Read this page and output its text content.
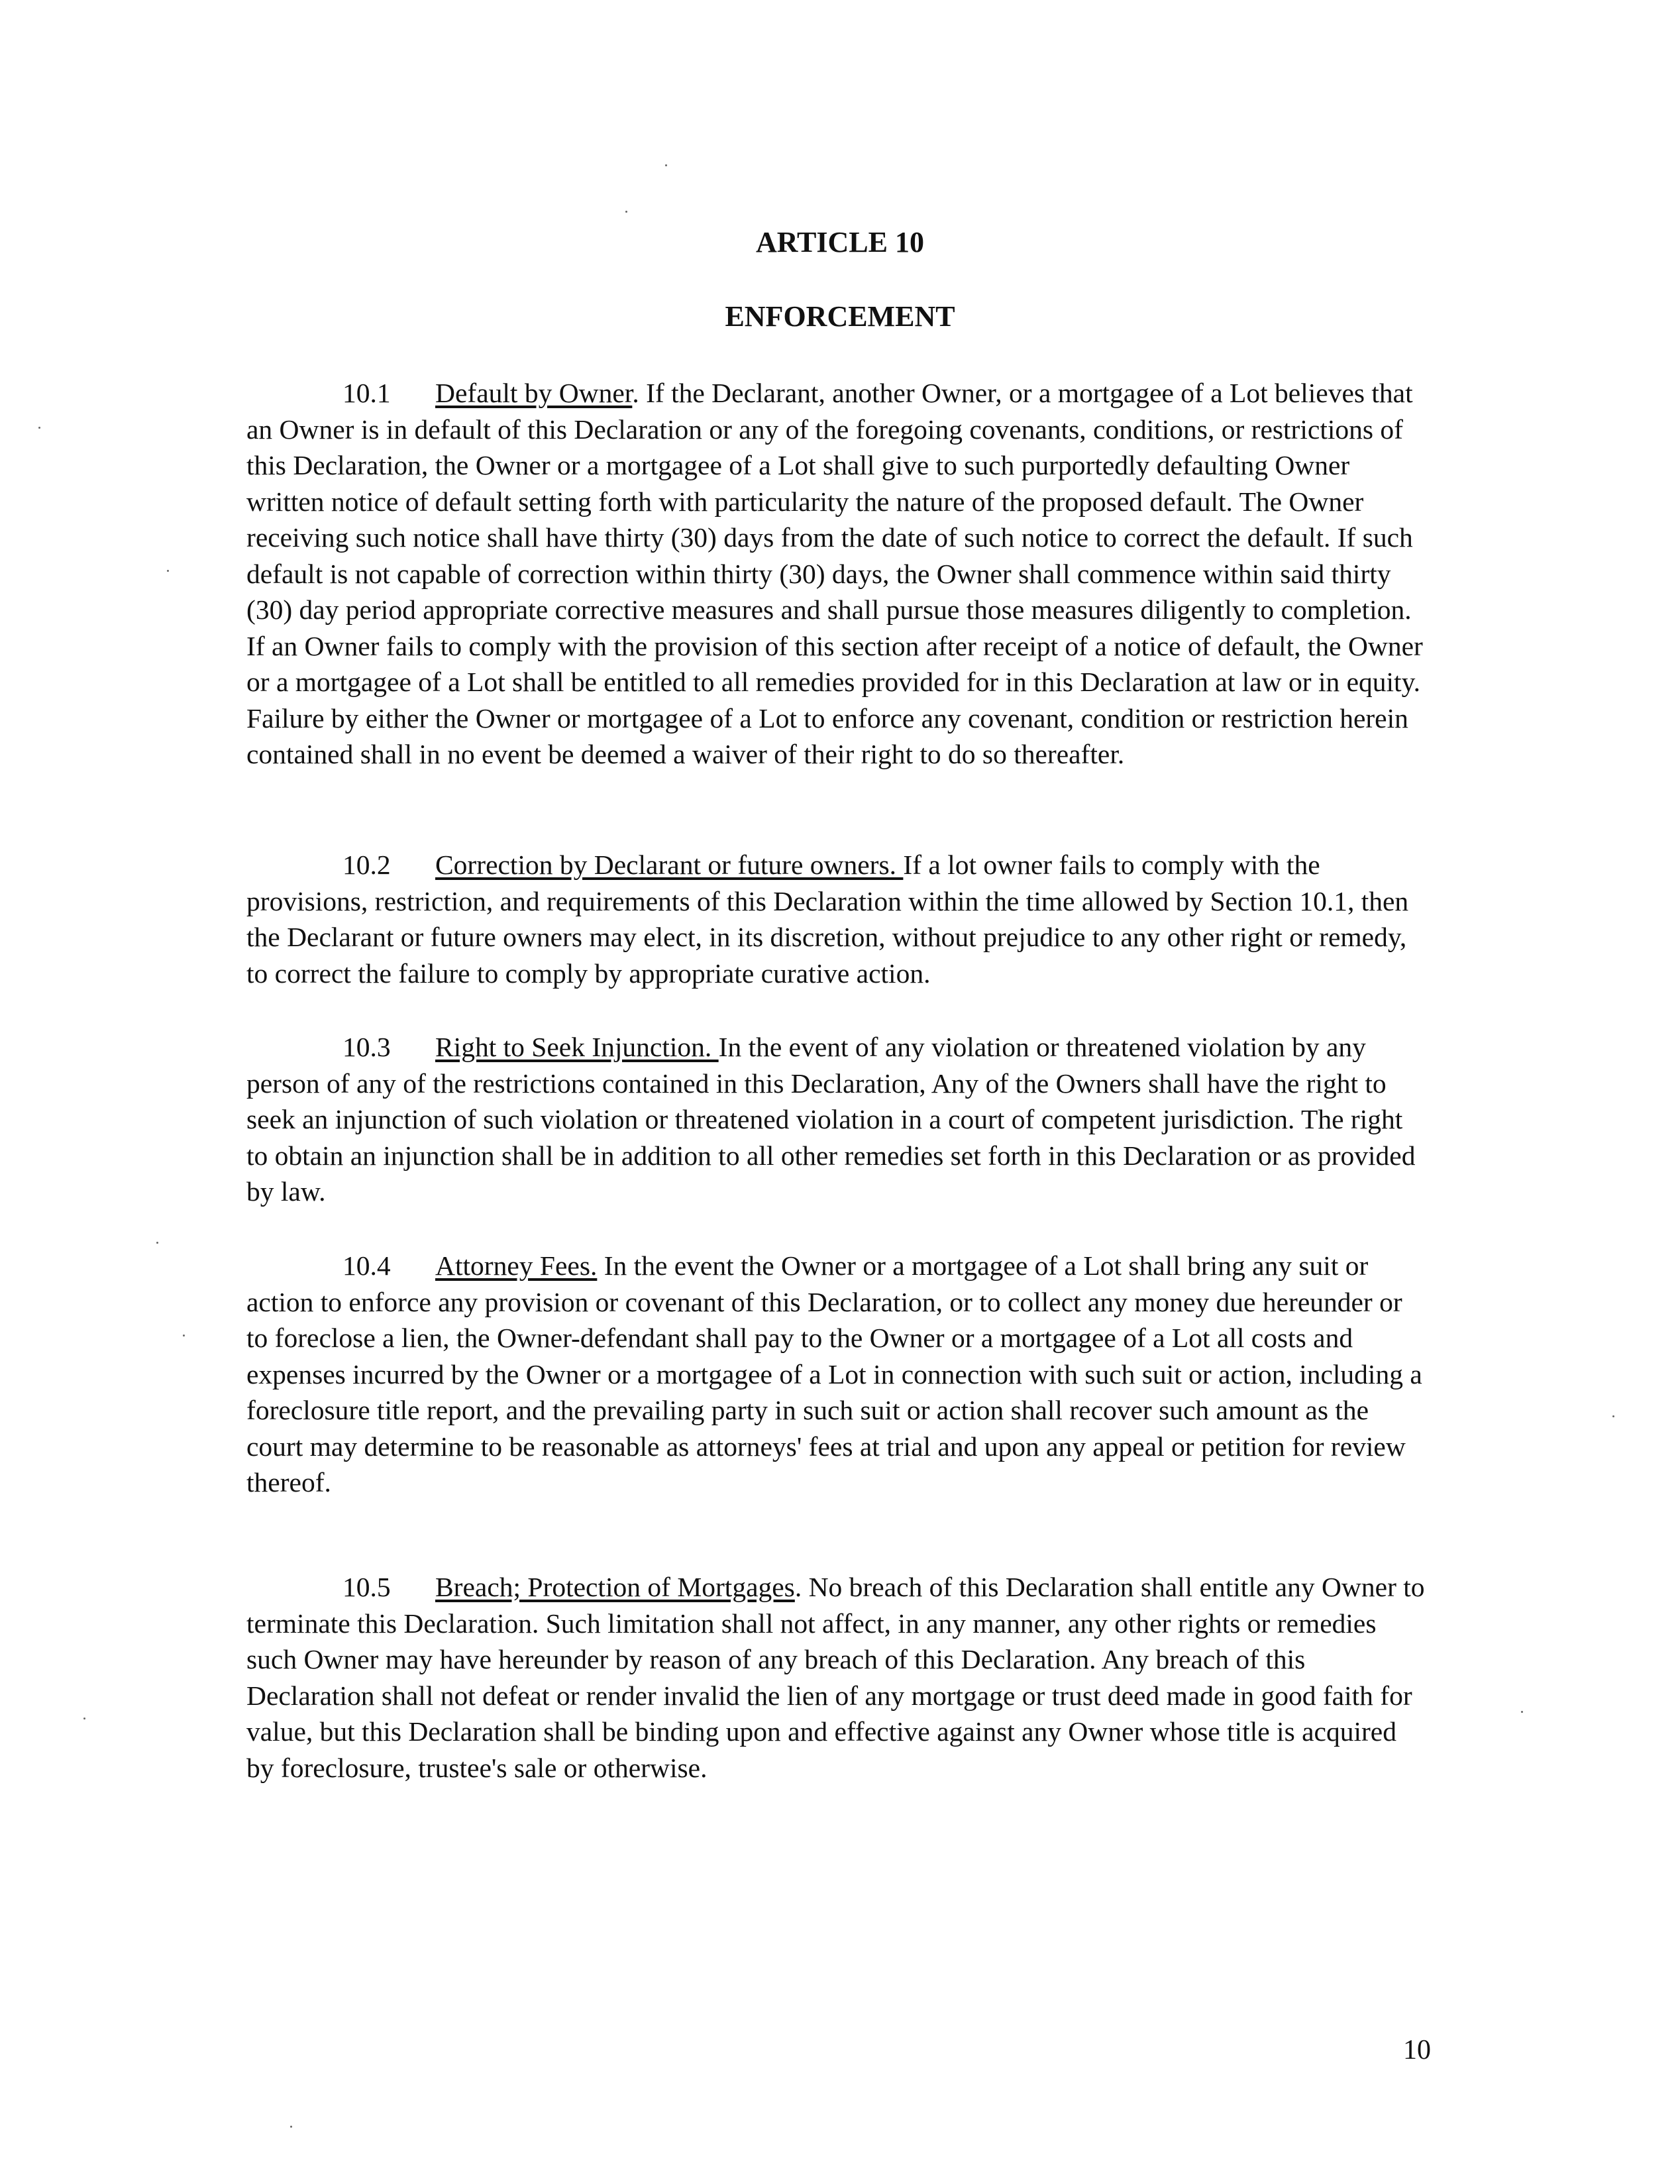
ARTICLE 10
ENFORCEMENT

10.1 Default by Owner. If the Declarant, another Owner, or a mortgagee of a Lot believes that an Owner is in default of this Declaration or any of the foregoing covenants, conditions, or restrictions of this Declaration, the Owner or a mortgagee of a Lot shall give to such purportedly defaulting Owner written notice of default setting forth with particularity the nature of the proposed default. The Owner receiving such notice shall have thirty (30) days from the date of such notice to correct the default. If such default is not capable of correction within thirty (30) days, the Owner shall commence within said thirty (30) day period appropriate corrective measures and shall pursue those measures diligently to completion. If an Owner fails to comply with the provision of this section after receipt of a notice of default, the Owner or a mortgagee of a Lot shall be entitled to all remedies provided for in this Declaration at law or in equity. Failure by either the Owner or mortgagee of a Lot to enforce any covenant, condition or restriction herein contained shall in no event be deemed a waiver of their right to do so thereafter.

10.2 Correction by Declarant or future owners. If a lot owner fails to comply with the provisions, restriction, and requirements of this Declaration within the time allowed by Section 10.1, then the Declarant or future owners may elect, in its discretion, without prejudice to any other right or remedy, to correct the failure to comply by appropriate curative action.

10.3 Right to Seek Injunction. In the event of any violation or threatened violation by any person of any of the restrictions contained in this Declaration, Any of the Owners shall have the right to seek an injunction of such violation or threatened violation in a court of competent jurisdiction. The right to obtain an injunction shall be in addition to all other remedies set forth in this Declaration or as provided by law.

10.4 Attorney Fees. In the event the Owner or a mortgagee of a Lot shall bring any suit or action to enforce any provision or covenant of this Declaration, or to collect any money due hereunder or to foreclose a lien, the Owner-defendant shall pay to the Owner or a mortgagee of a Lot all costs and expenses incurred by the Owner or a mortgagee of a Lot in connection with such suit or action, including a foreclosure title report, and the prevailing party in such suit or action shall recover such amount as the court may determine to be reasonable as attorneys' fees at trial and upon any appeal or petition for review thereof.

10.5 Breach; Protection of Mortgages. No breach of this Declaration shall entitle any Owner to terminate this Declaration. Such limitation shall not affect, in any manner, any other rights or remedies such Owner may have hereunder by reason of any breach of this Declaration. Any breach of this Declaration shall not defeat or render invalid the lien of any mortgage or trust deed made in good faith for value, but this Declaration shall be binding upon and effective against any Owner whose title is acquired by foreclosure, trustee's sale or otherwise.

10
